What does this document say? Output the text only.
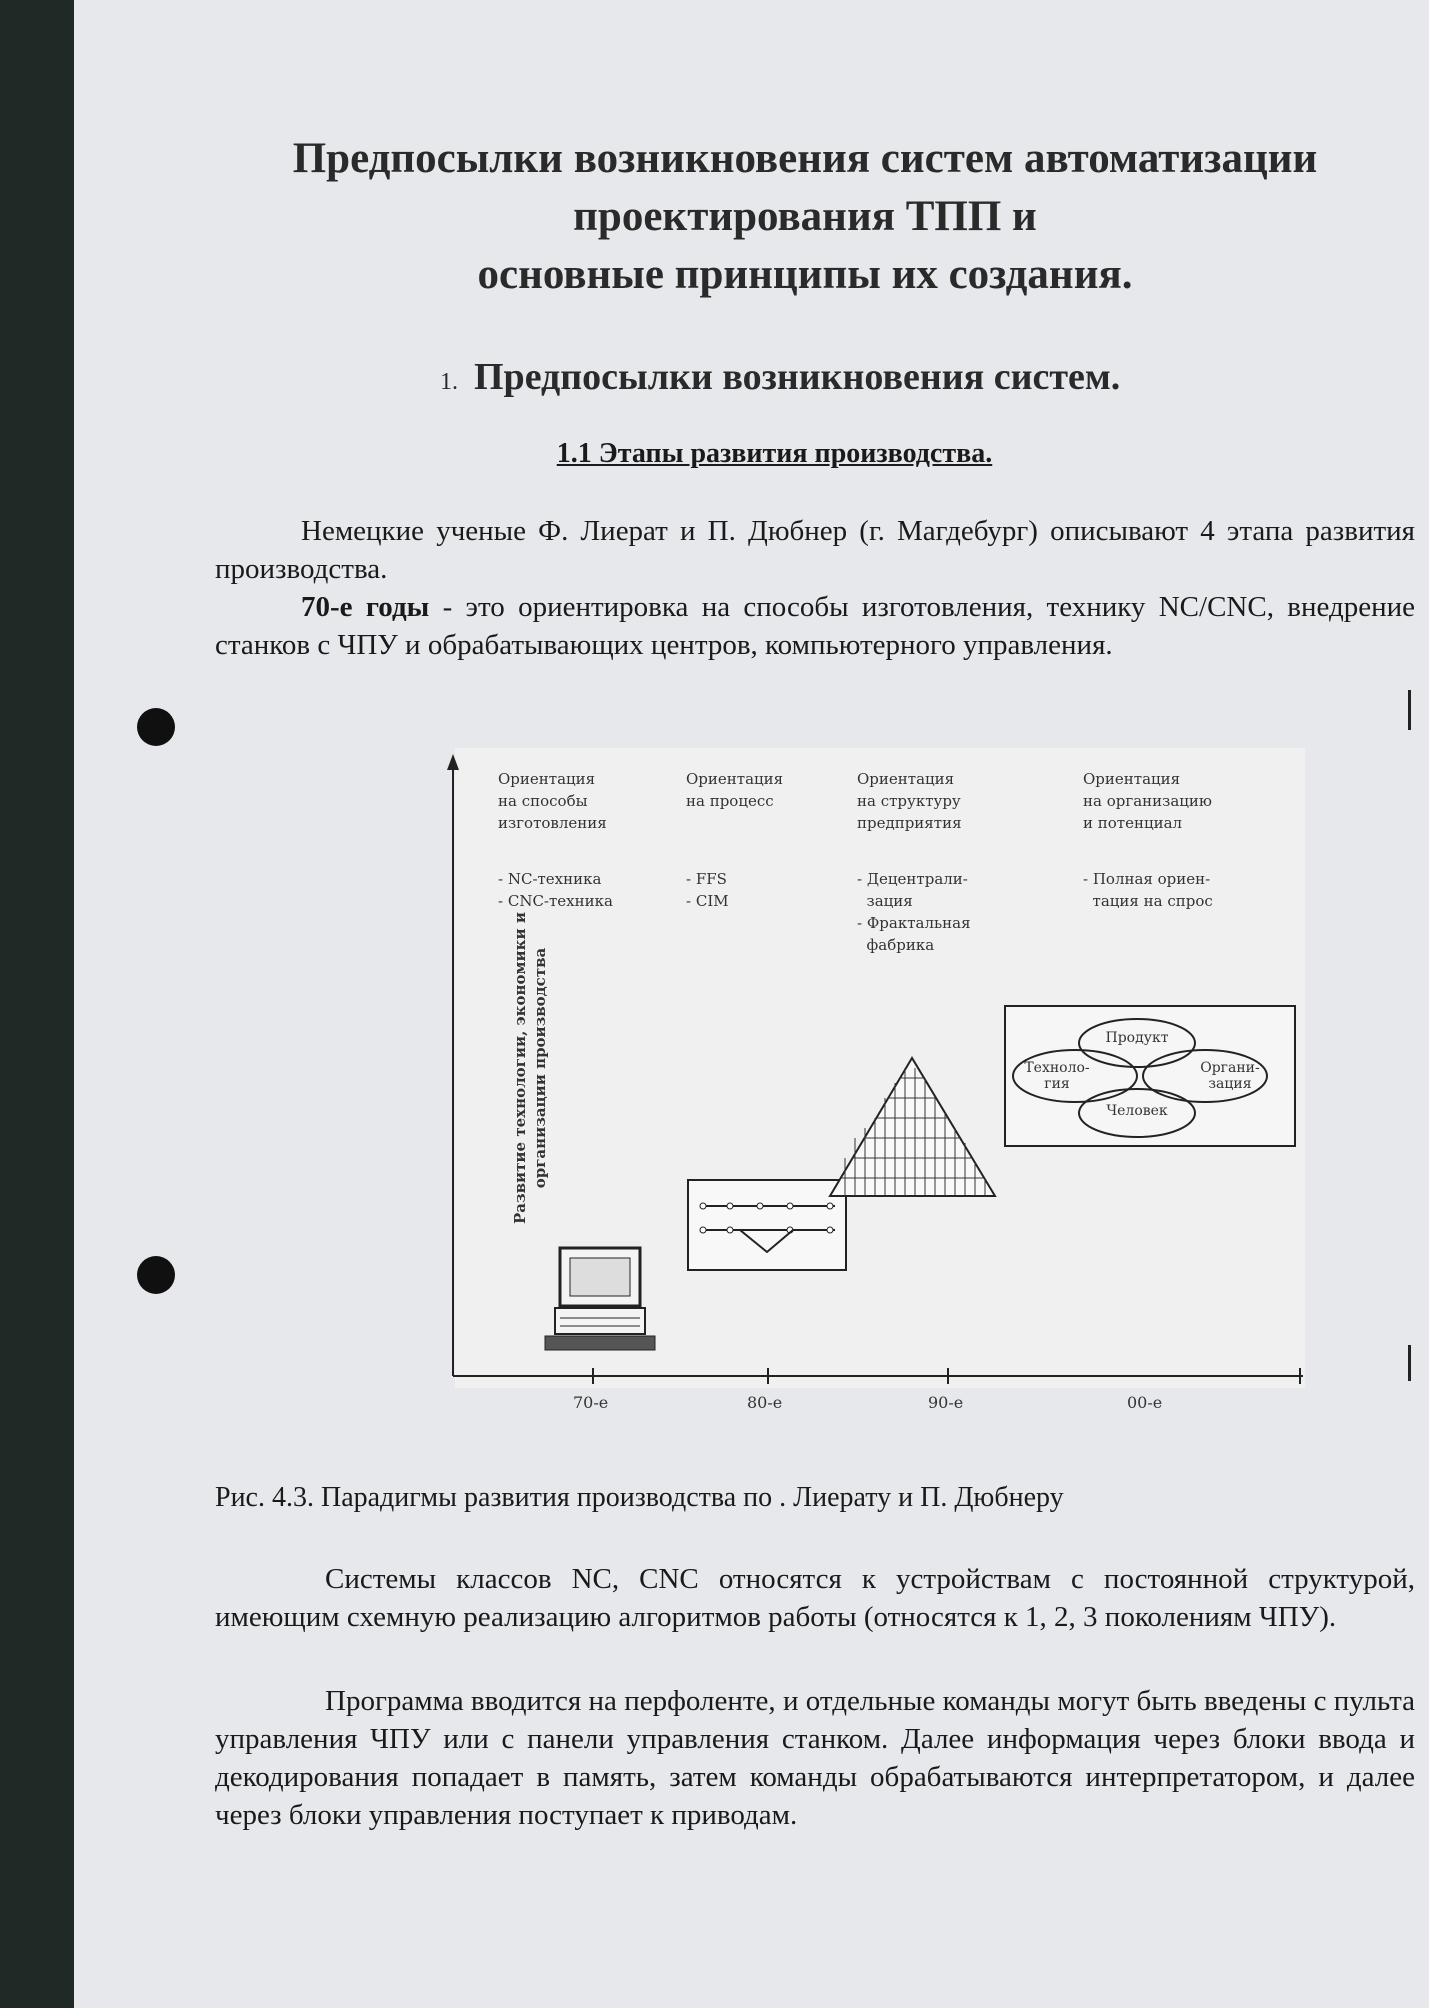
Предпосылки возникновения систем автоматизации
проектирования ТПП и
основные принципы их создания.
1. Предпосылки возникновения систем.
1.1 Этапы развития производства.

Немецкие ученые Ф. Лиерат и П. Дюбнер (г. Магдебург) описывают 4 этапа развития производства.

70-е годы - это ориентировка на способы изготовления, технику NC/CNC, внедрение станков с ЧПУ и обрабатывающих центров, компьютерного управления.

Развитие технологии, экономики и организации производства
Ориентация
на способы
изготовления
- NC-техника
- CNC-техника
Ориентация
на процесс
- FFS
- CIM
Ориентация
на структуру
предприятия
- Децентрали-
зация
- Фрактальная
фабрика
Ориентация
на организацию
и потенциал
- Полная ориен-
тация на спрос
Продукт
Техноло-
гия
Органи-
зация
Человек
70-е	80-е	90-е	00-е
Рис. 4.3. Парадигмы развития производства по . Лиерату и П. Дюбнеру

Системы классов NC, CNC относятся к устройствам с постоянной структурой, имеющим схемную реализацию алгоритмов работы (относятся к 1, 2, 3 поколениям ЧПУ).

Программа вводится на перфоленте, и отдельные команды могут быть введены с пульта управления ЧПУ или с панели управления станком. Далее информация через блоки ввода и декодирования попадает в память, затем команды обрабатываются интерпретатором, и далее через блоки управления поступает к приводам.
